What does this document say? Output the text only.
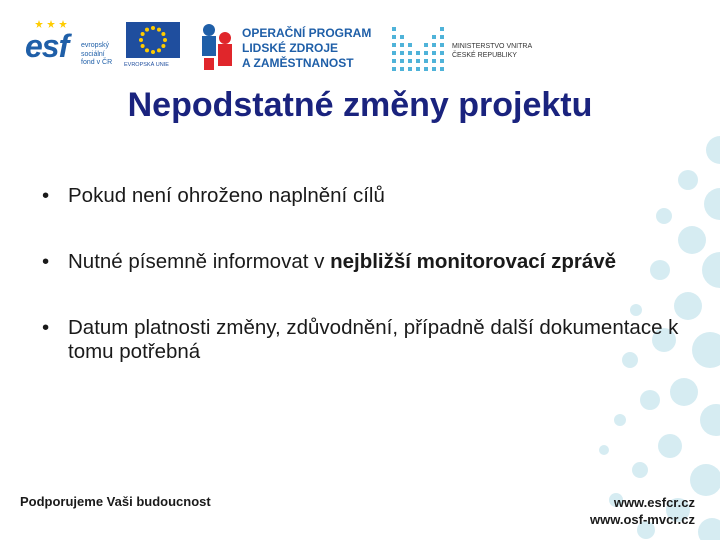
esf evropský
sociální
fond v ČR EVROPSKÁ UNIE
OPERAČNÍ PROGRAM
LIDSKÉ ZDROJE
A ZAMĚSTNANOST
MINISTERSTVO VNITRA
ČESKÉ REPUBLIKY
Nepodstatné změny projektu
• Pokud není ohroženo naplnění cílů
• Nutné písemně informovat v nejbližší monitorovací zprávě
• Datum platnosti změny, zdůvodnění, případně další dokumentace k tomu potřebná
Podporujeme Vaši budoucnost	www.esfcr.cz
www.osf-mvcr.cz
